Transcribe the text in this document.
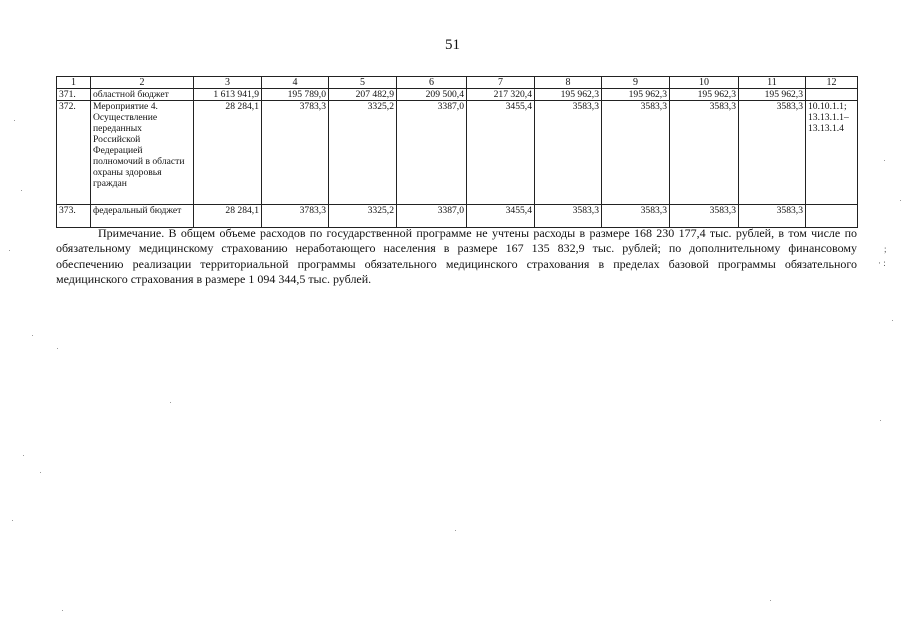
51
1	2	3	4	5	6	7	8	9	10	11	12
371.	областной бюджет	1 613 941,9	195 789,0	207 482,9	209 500,4	217 320,4	195 962,3	195 962,3	195 962,3	195 962,3	
372.	Мероприятие 4. Осуществление переданных Российской Федерацией полномочий в области охраны здоровья граждан	28 284,1	3783,3	3325,2	3387,0	3455,4	3583,3	3583,3	3583,3	3583,3	10.10.1.1; 13.13.1.1–13.13.1.4
373.	федеральный бюджет	28 284,1	3783,3	3325,2	3387,0	3455,4	3583,3	3583,3	3583,3	3583,3	

Примечание. В общем объеме расходов по государственной программе не учтены расходы в размере 168 230 177,4 тыс. рублей, в том числе по обязательному медицинскому страхованию неработающего населения в размере 167 135 832,9 тыс. рублей; по дополнительному финансовому обеспечению реализации территориальной программы обязательного медицинского страхования в пределах базовой программы обязательного медицинского страхования в размере 1 094 344,5 тыс. рублей.

;
· :
